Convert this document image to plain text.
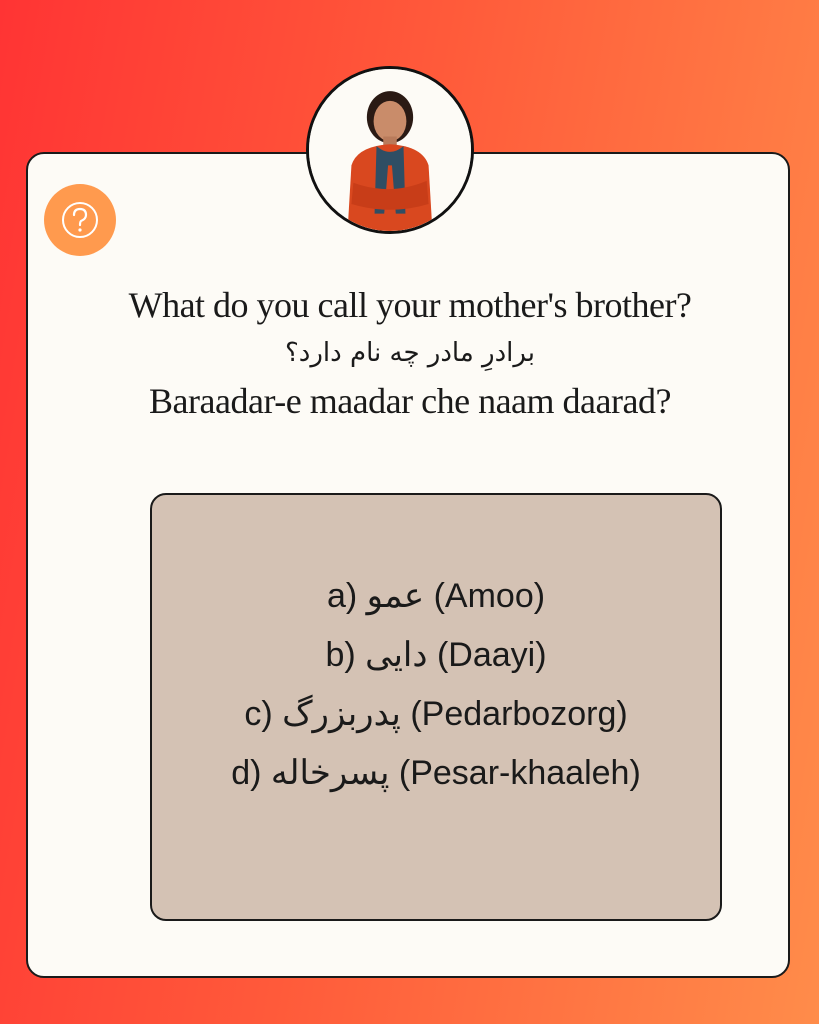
What do you call your mother's brother?
برادرِ مادر چه نام دارد؟
Baraadar-e maadar che naam daarad?
a) عمو (Amoo)
b) دایی (Daayi)
c) پدربزرگ (Pedarbozorg)
d) پسرخاله (Pesar-khaaleh)
